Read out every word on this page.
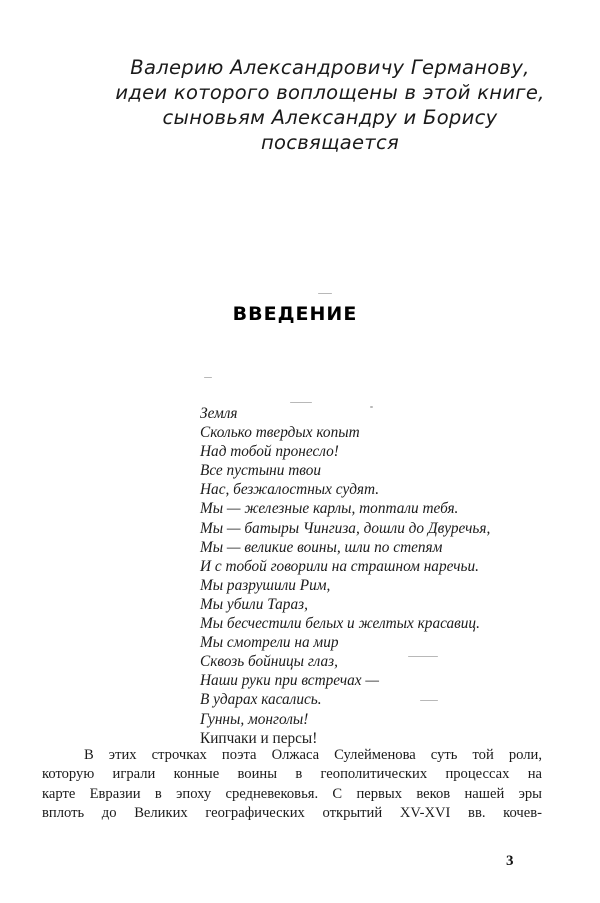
Валерию Александровичу Германову,
идеи которого воплощены в этой книге,
сыновьям Александру и Борису
посвящается
ВВЕДЕНИЕ
Земля
Сколько твердых копыт
Над тобой пронесло!
Все пустыни твои
Нас, безжалостных судят.
Мы — железные карлы, топтали тебя.
Мы — батыры Чингиза, дошли до Двуречья,
Мы — великие воины, шли по степям
И с тобой говорили на страшном наречьи.
Мы разрушили Рим,
Мы убили Тараз,
Мы бесчестили белых и желтых красавиц.
Мы смотрели на мир
Сквозь бойницы глаз,
Наши руки при встречах —
В ударах касались.
Гунны, монголы!
Кипчаки и персы!
В этих строчках поэта Олжаса Сулейменова суть той роли,
которую играли конные воины в геополитических процессах на
карте Евразии в эпоху средневековья. С первых веков нашей эры
вплоть до Великих географических открытий XV-XVI вв. кочев-
3
